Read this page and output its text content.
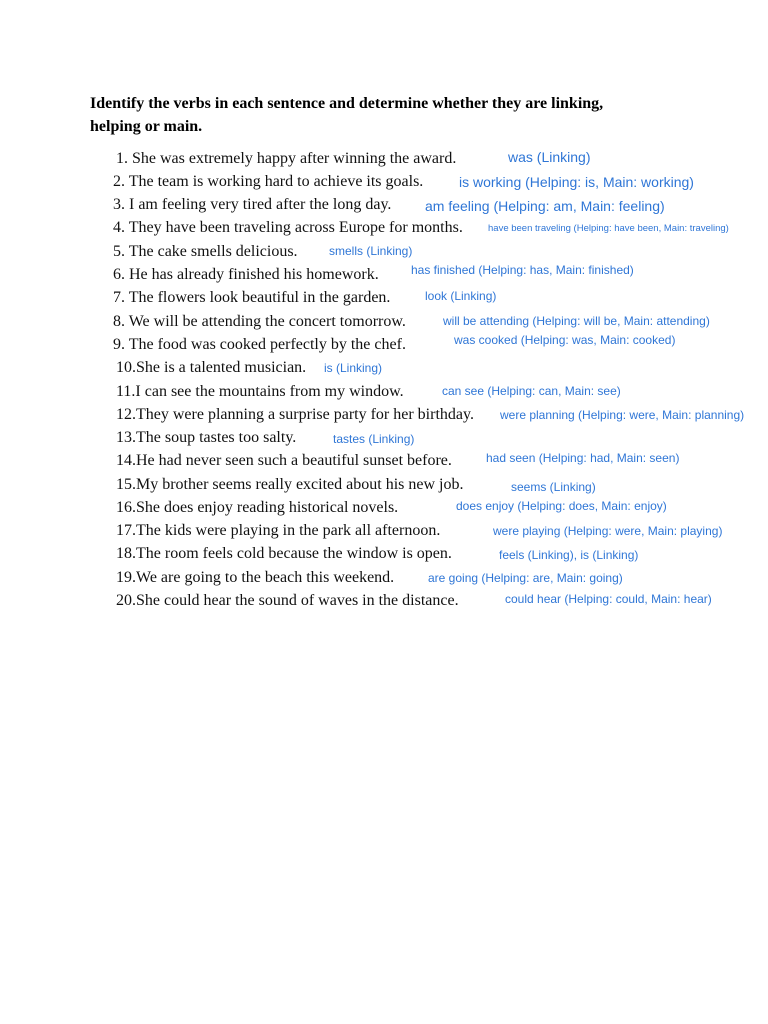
Identify the verbs in each sentence and determine whether they are linking,
helping or main.
1. She was extremely happy after winning the award.	was (Linking)
2. The team is working hard to achieve its goals.	is working (Helping: is, Main: working)
3. I am feeling very tired after the long day. am feeling (Helping: am, Main: feeling)
4. They have been traveling across Europe for months.	have been traveling (Helping: have been, Main: traveling)
5. The cake smells delicious.	smells (Linking)
6. He has already finished his homework.	has finished (Helping: has, Main: finished)
7. The flowers look beautiful in the garden.	look (Linking)
8. We will be attending the concert tomorrow.	will be attending (Helping: will be, Main: attending)
9. The food was cooked perfectly by the chef.	was cooked (Helping: was, Main: cooked)
10.She is a talented musician. is (Linking)
11.I can see the mountains from my window.	can see (Helping: can, Main: see)
12.They were planning a surprise party for her birthday. were planning (Helping: were, Main: planning)
13.The soup tastes too salty.	tastes (Linking)
14.He had never seen such a beautiful sunset before.	had seen (Helping: had, Main: seen)
15.My brother seems really excited about his new job.	seems (Linking)
16.She does enjoy reading historical novels.	does enjoy (Helping: does, Main: enjoy)
17.The kids were playing in the park all afternoon.	were playing (Helping: were, Main: playing)
18.The room feels cold because the window is open.	feels (Linking), is (Linking)
19.We are going to the beach this weekend.	are going (Helping: are, Main: going)
20.She could hear the sound of waves in the distance.	could hear (Helping: could, Main: hear)
